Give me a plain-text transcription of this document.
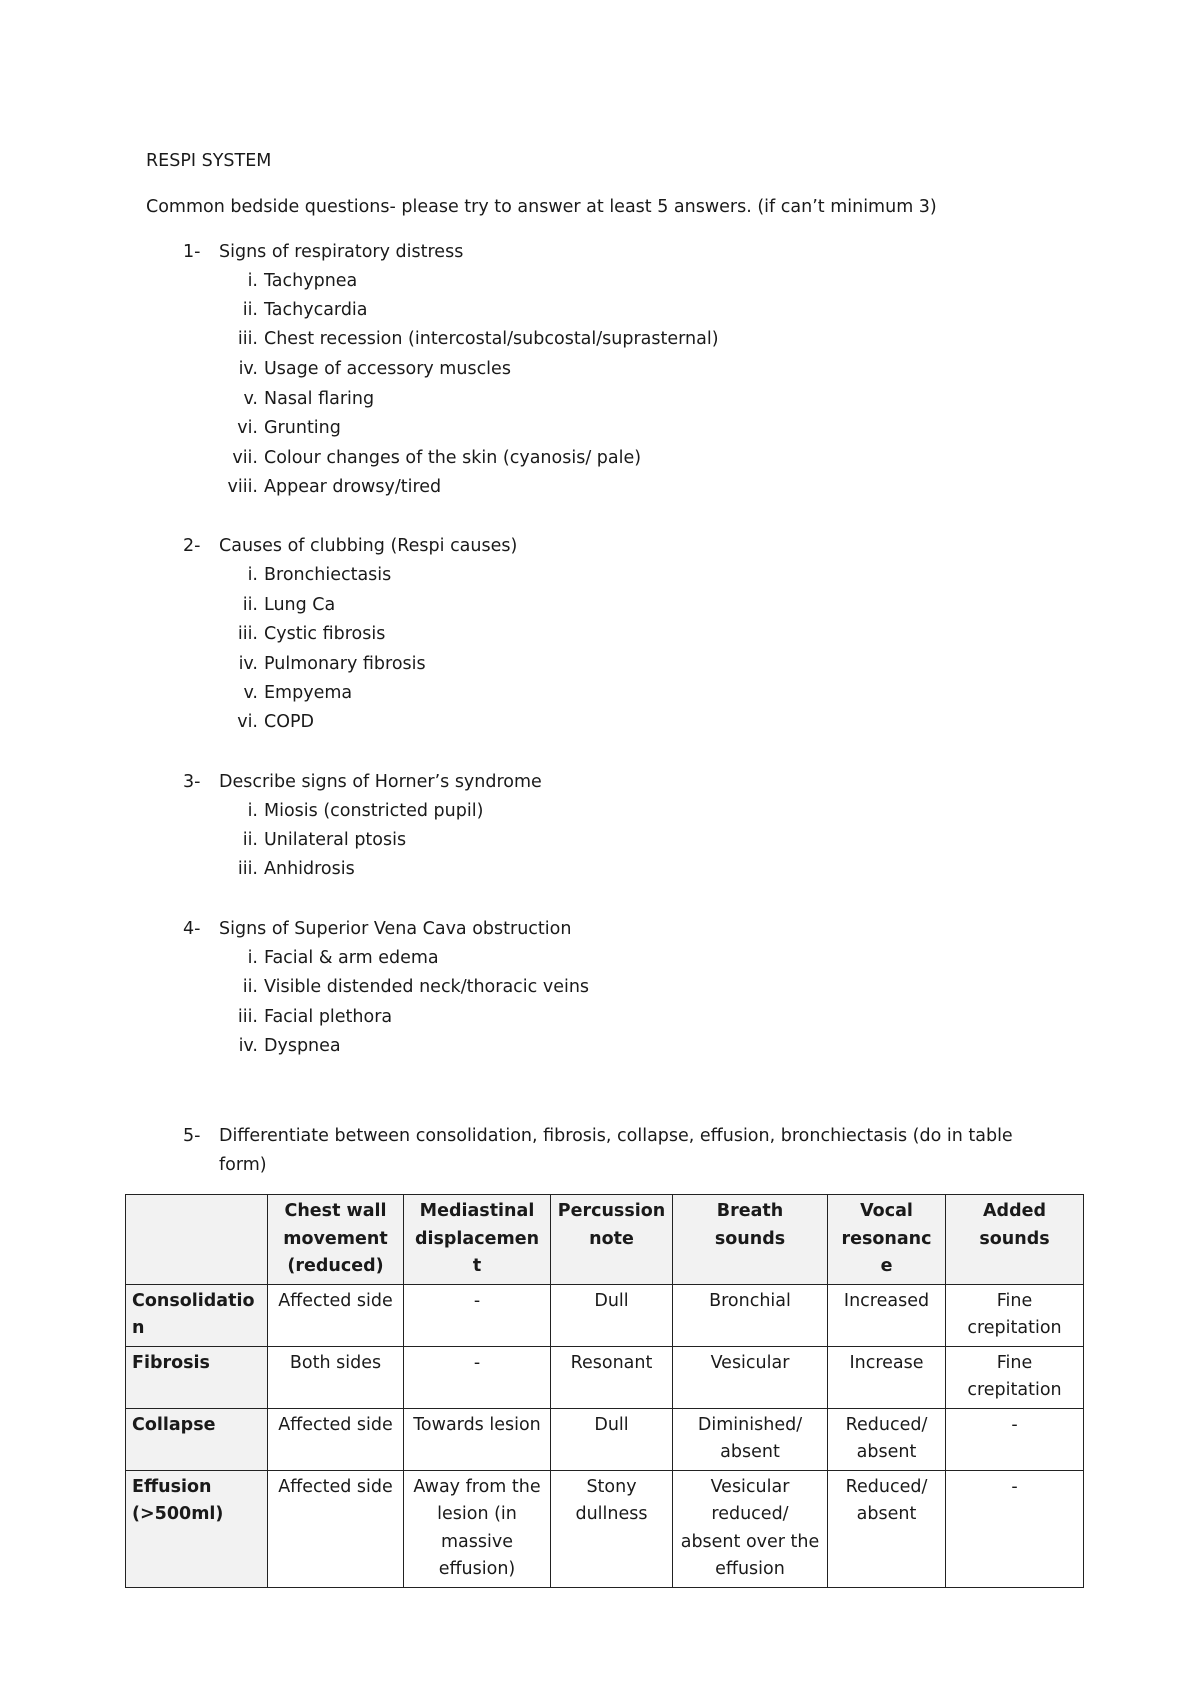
RESPI SYSTEM
Common bedside questions- please try to answer at least 5 answers. (if can’t minimum 3)
1- Signs of respiratory distress
i. Tachypnea
ii. Tachycardia
iii. Chest recession (intercostal/subcostal/suprasternal)
iv. Usage of accessory muscles
v. Nasal flaring
vi. Grunting
vii. Colour changes of the skin (cyanosis/ pale)
viii. Appear drowsy/tired
2- Causes of clubbing (Respi causes)
i. Bronchiectasis
ii. Lung Ca
iii. Cystic fibrosis
iv. Pulmonary fibrosis
v. Empyema
vi. COPD
3- Describe signs of Horner’s syndrome
i. Miosis (constricted pupil)
ii. Unilateral ptosis
iii. Anhidrosis
4- Signs of Superior Vena Cava obstruction
i. Facial & arm edema
ii. Visible distended neck/thoracic veins
iii. Facial plethora
iv. Dyspnea
5- Differentiate between consolidation, fibrosis, collapse, effusion, bronchiectasis (do in table form)
	Chest wall movement (reduced)	Mediastinal displacemen t	Percussion note	Breath sounds	Vocal resonanc e	Added sounds
Consolidatio n	Affected side	-	Dull	Bronchial	Increased	Fine crepitation
Fibrosis	Both sides	-	Resonant	Vesicular	Increase	Fine crepitation
Collapse	Affected side	Towards lesion	Dull	Diminished/ absent	Reduced/ absent	-
Effusion (>500ml)	Affected side	Away from the lesion (in massive effusion)	Stony dullness	Vesicular reduced/ absent over the effusion	Reduced/ absent	-
